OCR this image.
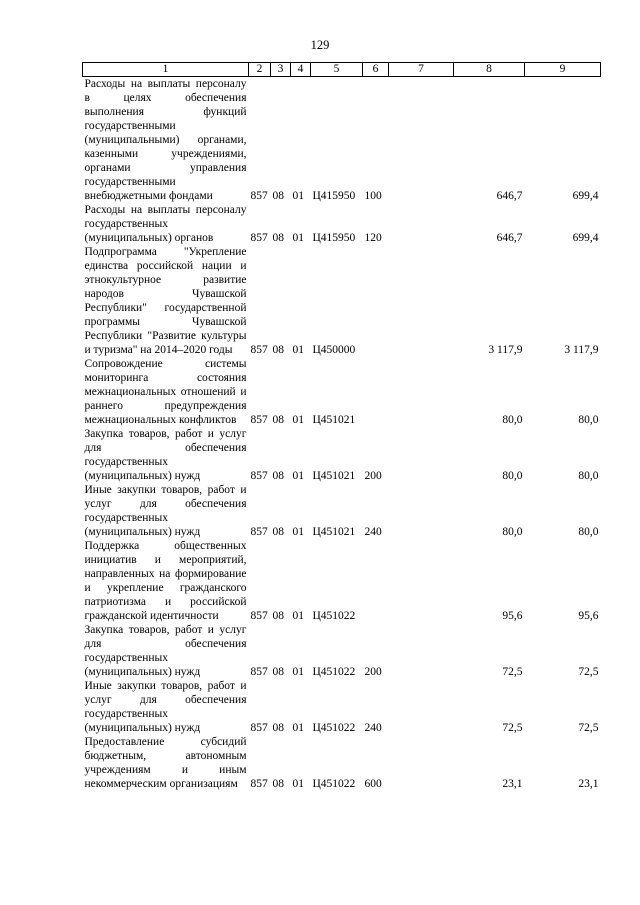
129
1	2	3	4	5	6	7	8	9
Расходы на выплаты персоналу в целях обеспечения выполнения функций государственными (муниципальными) органами, казенными учреждениями, органами управления государственными внебюджетными фондами	857	08	01	Ц415950	100		646,7	699,4
Расходы на выплаты персоналу государственных (муниципальных) органов	857	08	01	Ц415950	120		646,7	699,4
Подпрограмма "Укрепление единства российской нации и этнокультурное развитие народов Чувашской Республики" государственной программы Чувашской Республики "Развитие культуры и туризма" на 2014–2020 годы	857	08	01	Ц450000			3 117,9	3 117,9
Сопровождение системы мониторинга состояния межнациональных отношений и раннего предупреждения межнациональных конфликтов	857	08	01	Ц451021			80,0	80,0
Закупка товаров, работ и услуг для обеспечения государственных (муниципальных) нужд	857	08	01	Ц451021	200		80,0	80,0
Иные закупки товаров, работ и услуг для обеспечения государственных (муниципальных) нужд	857	08	01	Ц451021	240		80,0	80,0
Поддержка общественных инициатив и мероприятий, направленных на формирование и укрепление гражданского патриотизма и российской гражданской идентичности	857	08	01	Ц451022			95,6	95,6
Закупка товаров, работ и услуг для обеспечения государственных (муниципальных) нужд	857	08	01	Ц451022	200		72,5	72,5
Иные закупки товаров, работ и услуг для обеспечения государственных (муниципальных) нужд	857	08	01	Ц451022	240		72,5	72,5
Предоставление субсидий бюджетным, автономным учреждениям и иным некоммерческим организациям	857	08	01	Ц451022	600		23,1	23,1
